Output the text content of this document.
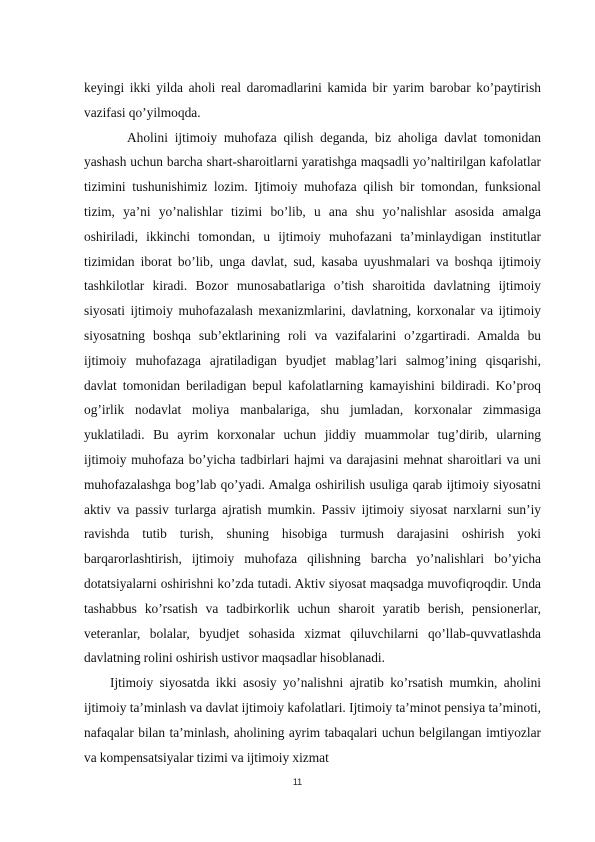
keyingi ikki yilda aholi real daromadlarini kamida bir yarim barobar ko’paytirish vazifasi qo’yilmoqda.

Aholini ijtimoiy muhofaza qilish deganda, biz aholiga davlat tomonidan yashash uchun barcha shart-sharoitlarni yaratishga maqsadli yo’naltirilgan kafolatlar tizimini tushunishimiz lozim. Ijtimoiy muhofaza qilish bir tomondan, funksional tizim, ya’ni yo’nalishlar tizimi bo’lib, u ana shu yo’nalishlar asosida amalga oshiriladi, ikkinchi tomondan, u ijtimoiy muhofazani ta’minlaydigan institutlar tizimidan iborat bo’lib, unga davlat, sud, kasaba uyushmalari va boshqa ijtimoiy tashkilotlar kiradi. Bozor munosabatlariga o’tish sharoitida davlatning ijtimoiy siyosati ijtimoiy muhofazalash mexanizmlarini, davlatning, korxonalar va ijtimoiy siyosatning boshqa sub’ektlarining roli va vazifalarini o’zgartiradi. Amalda bu ijtimoiy muhofazaga ajratiladigan byudjet mablag’lari salmog’ining qisqarishi, davlat tomonidan beriladigan bepul kafolatlarning kamayishini bildiradi. Ko’proq og’irlik nodavlat moliya manbalariga, shu jumladan, korxonalar zimmasiga yuklatiladi. Bu ayrim korxonalar uchun jiddiy muammolar tug’dirib, ularning ijtimoiy muhofaza bo’yicha tadbirlari hajmi va darajasini mehnat sharoitlari va uni muhofazalashga bog’lab qo’yadi. Amalga oshirilish usuliga qarab ijtimoiy siyosatni aktiv va passiv turlarga ajratish mumkin. Passiv ijtimoiy siyosat narxlarni sun’iy ravishda tutib turish, shuning hisobiga turmush darajasini oshirish yoki barqarorlashtirish, ijtimoiy muhofaza qilishning barcha yo’nalishlari bo’yicha dotatsiyalarni oshirishni ko’zda tutadi. Aktiv siyosat maqsadga muvofiqroqdir. Unda tashabbus ko’rsatish va tadbirkorlik uchun sharoit yaratib berish, pensionerlar, veteranlar, bolalar, byudjet sohasida xizmat qiluvchilarni qo’llab-quvvatlashda davlatning rolini oshirish ustivor maqsadlar hisoblanadi.

Ijtimoiy siyosatda ikki asosiy yo’nalishni ajratib ko’rsatish mumkin, aholini ijtimoiy ta’minlash va davlat ijtimoiy kafolatlari. Ijtimoiy ta’minot pensiya ta’minoti, nafaqalar bilan ta’minlash, aholining ayrim tabaqalari uchun belgilangan imtiyozlar va kompensatsiyalar tizimi va ijtimoiy xizmat

11
